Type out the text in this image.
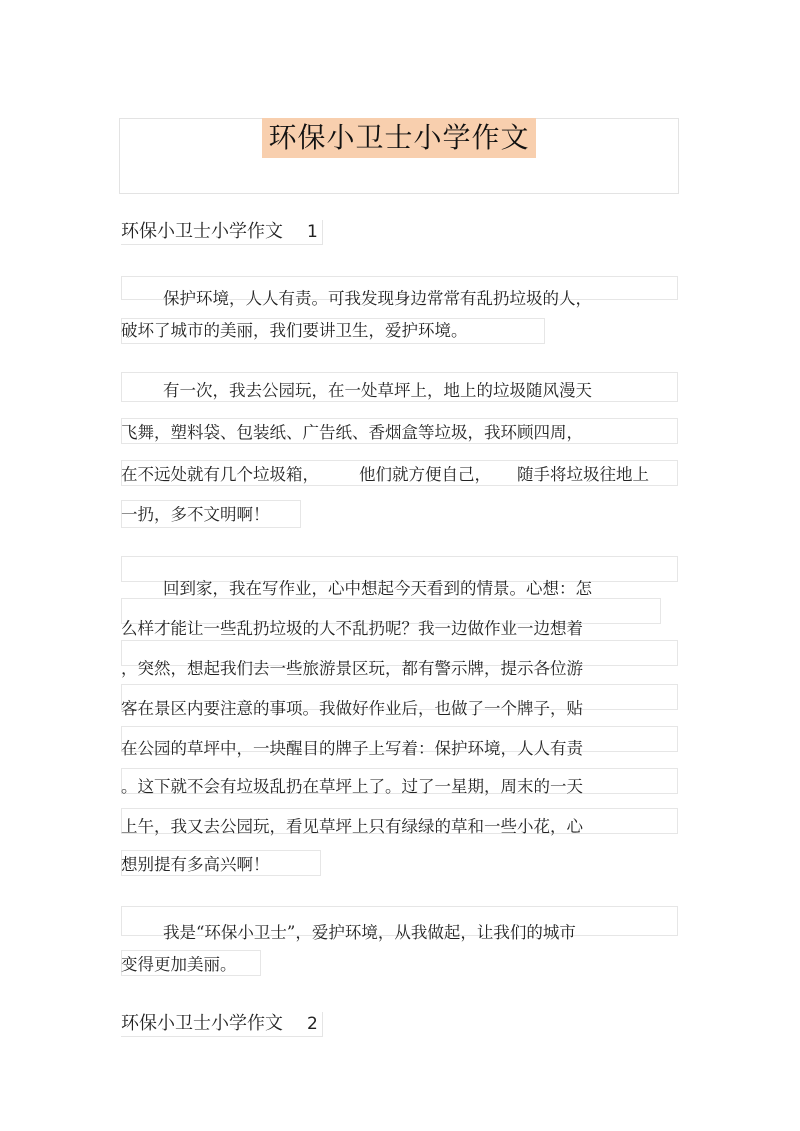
环保小卫士小学作文
环保小卫士小学作文 1
保护环境，人人有责。可我发现身边常常有乱扔垃圾的人，
破坏了城市的美丽，我们要讲卫生，爱护环境。
有一次，我去公园玩，在一处草坪上，地上的垃圾随风漫天
飞舞，塑料袋、包装纸、广告纸、香烟盒等垃圾，我环顾四周，
在不远处就有几个垃圾箱， 他们就方便自己， 随手将垃圾往地上
一扔，多不文明啊！
回到家，我在写作业，心中想起今天看到的情景。心想：怎
么样才能让一些乱扔垃圾的人不乱扔呢？我一边做作业一边想着
，突然，想起我们去一些旅游景区玩，都有警示牌，提示各位游
客在景区内要注意的事项。我做好作业后，也做了一个牌子，贴
在公园的草坪中，一块醒目的牌子上写着：保护环境，人人有责
。这下就不会有垃圾乱扔在草坪上了。过了一星期，周末的一天
上午，我又去公园玩，看见草坪上只有绿绿的草和一些小花，心
想别提有多高兴啊！
我是“环保小卫士”，爱护环境，从我做起，让我们的城市
变得更加美丽。
环保小卫士小学作文 2
